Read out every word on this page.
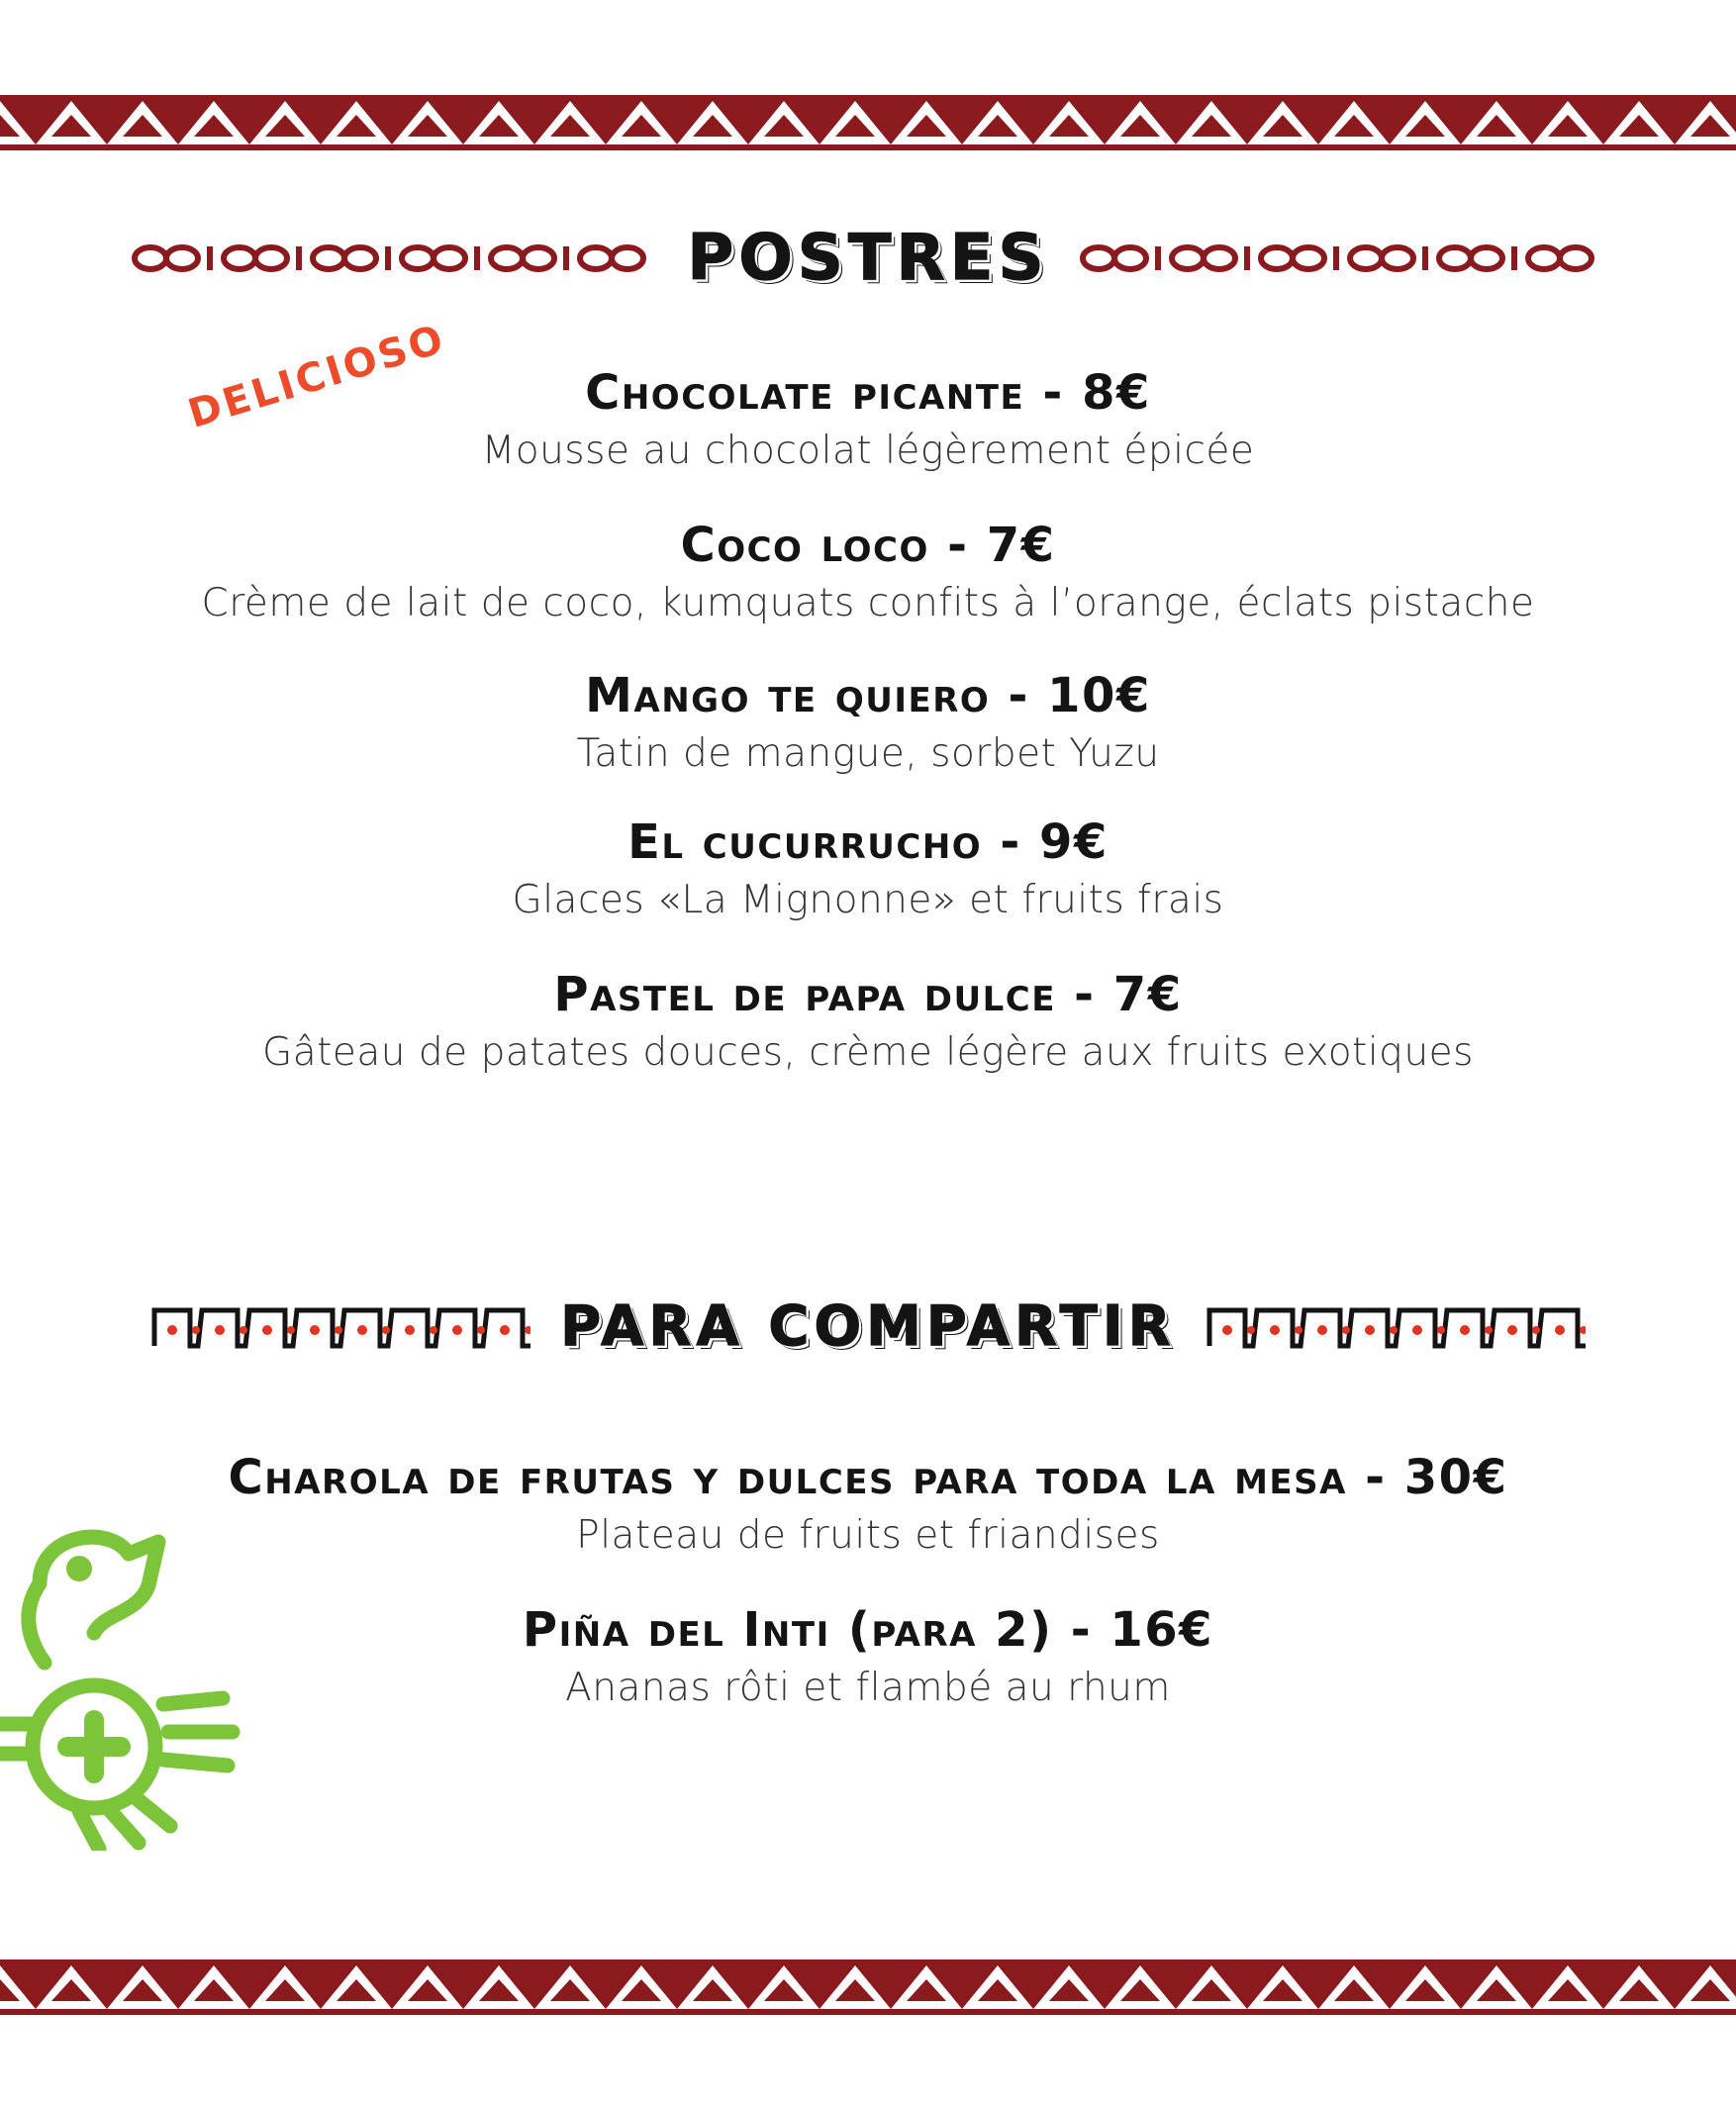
POSTRES
DELICIOSO	Chocolate picante - 8€
Mousse au chocolat légèrement épicée
Coco loco - 7€
Crème de lait de coco, kumquats confits à l’orange, éclats pistache
Mango te quiero - 10€
Tatin de mangue, sorbet Yuzu
El cucurrucho - 9€
Glaces «La Mignonne» et fruits frais
Pastel de papa dulce - 7€
Gâteau de patates douces, crème légère aux fruits exotiques
PARA COMPARTIR
Charola de frutas y dulces para toda la mesa - 30€
Plateau de fruits et friandises
Piña del Inti (para 2) - 16€
Ananas rôti et flambé au rhum
